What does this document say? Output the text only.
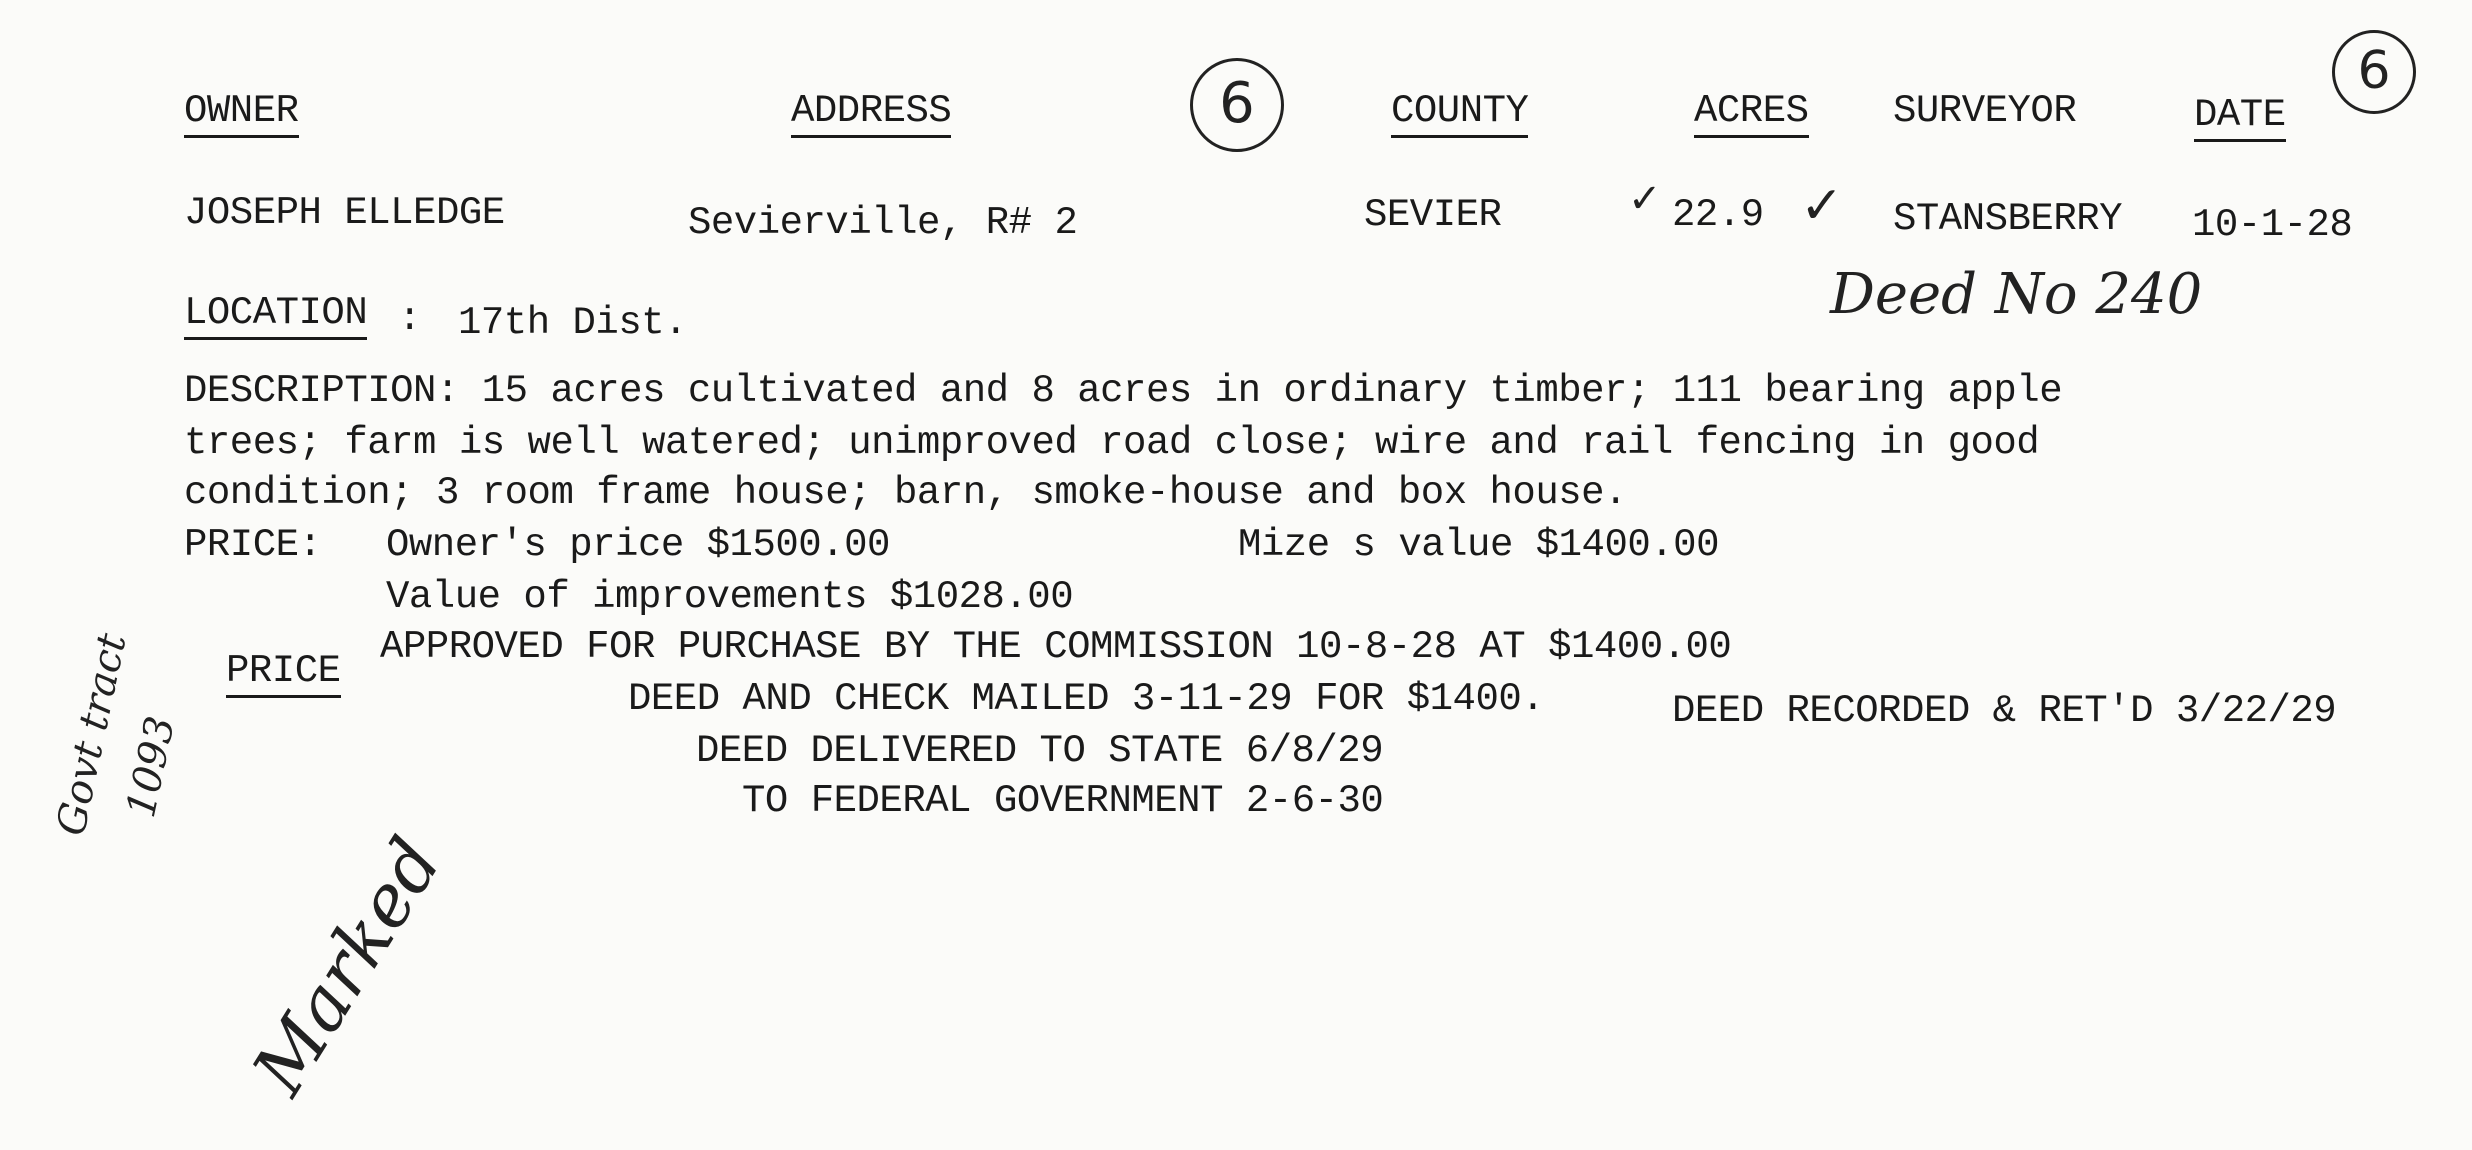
OWNER	ADDRESS	6	COUNTY	ACRES SURVEYOR	DATE
6
JOSEPH ELLEDGE	Sevierville, R# 2	SEVIER	✓ 22.9 ✓ STANSBERRY 10-1-28
LOCATION : 17th Dist.	Deed No 240
DESCRIPTION: 15 acres cultivated and 8 acres in ordinary timber; 111 bearing apple
trees; farm is well watered; unimproved road close; wire and rail fencing in good
condition; 3 room frame house; barn, smoke-house and box house.
PRICE: Owner's price $1500.00	Mize s value $1400.00
Value of improvements $1028.00
APPROVED FOR PURCHASE BY THE COMMISSION 10-8-28 AT $1400.00
PRICE
DEED AND CHECK MAILED 3-11-29 FOR $1400.	DEED RECORDED & RET'D 3/22/29
DEED DELIVERED TO STATE 6/8/29
TO FEDERAL GOVERNMENT 2-6-30
Govt tract
1093
Marked
